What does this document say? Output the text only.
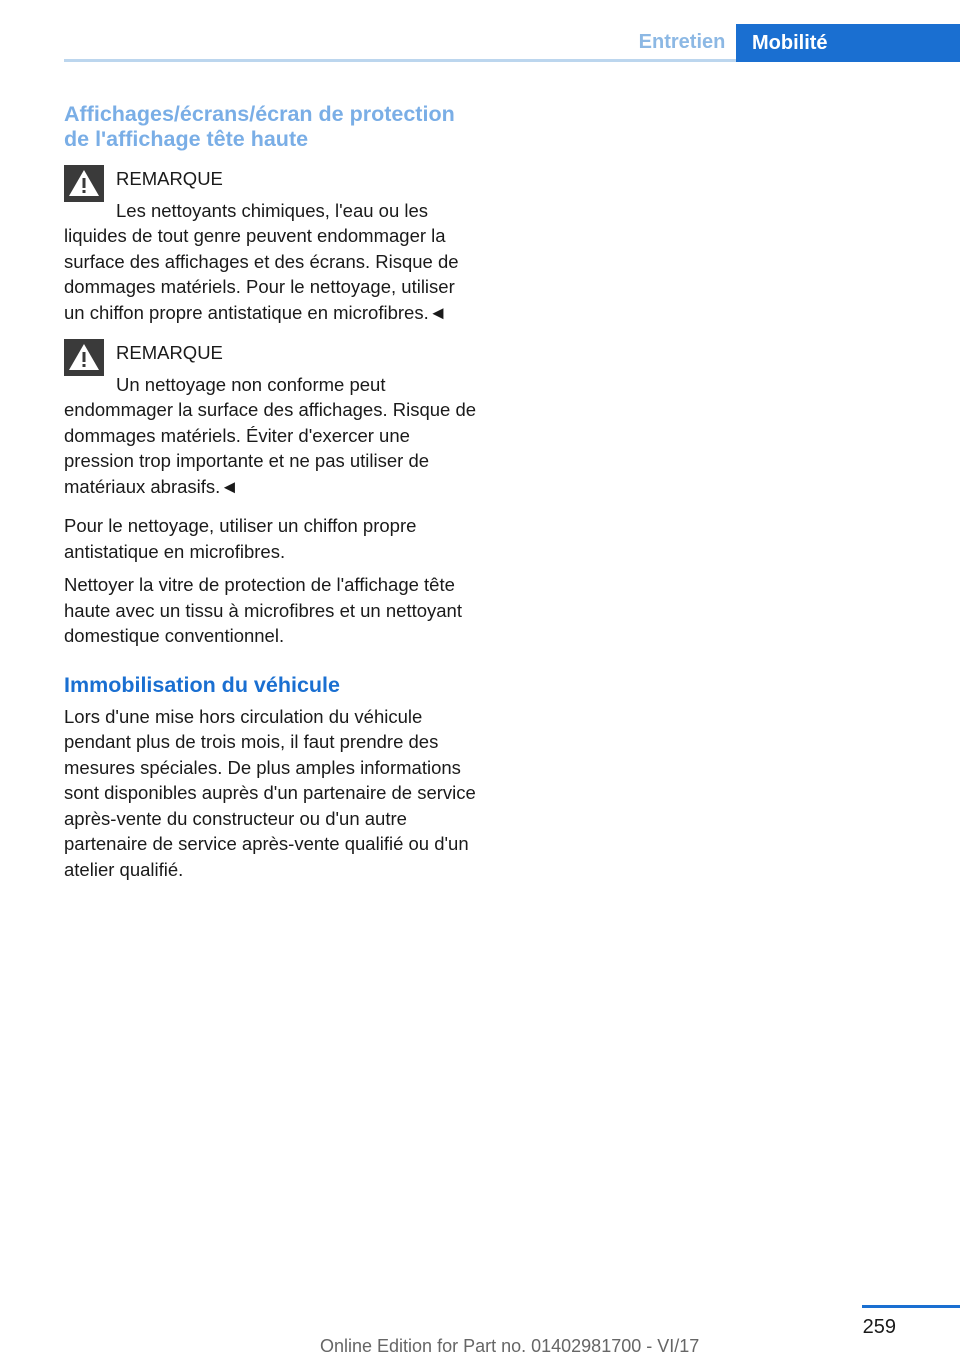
Entretien	Mobilité
Affichages/écrans/écran de protection de l'affichage tête haute

REMARQUE

Les nettoyants chimiques, l'eau ou les liquides de tout genre peuvent endommager la surface des affichages et des écrans. Risque de dommages matériels. Pour le nettoyage, utiliser un chiffon propre antistatique en microfibres.◄

REMARQUE

Un nettoyage non conforme peut endommager la surface des affichages. Risque de dommages matériels. Éviter d'exercer une pression trop importante et ne pas utiliser de matériaux abrasifs.◄

Pour le nettoyage, utiliser un chiffon propre antistatique en microfibres.

Nettoyer la vitre de protection de l'affichage tête haute avec un tissu à microfibres et un nettoyant domestique conventionnel.

Immobilisation du véhicule

Lors d'une mise hors circulation du véhicule pendant plus de trois mois, il faut prendre des mesures spéciales. De plus amples informations sont disponibles auprès d'un partenaire de service après-vente du constructeur ou d'un autre partenaire de service après-vente qualifié ou d'un atelier qualifié.

259
Online Edition for Part no. 01402981700 - VI/17
